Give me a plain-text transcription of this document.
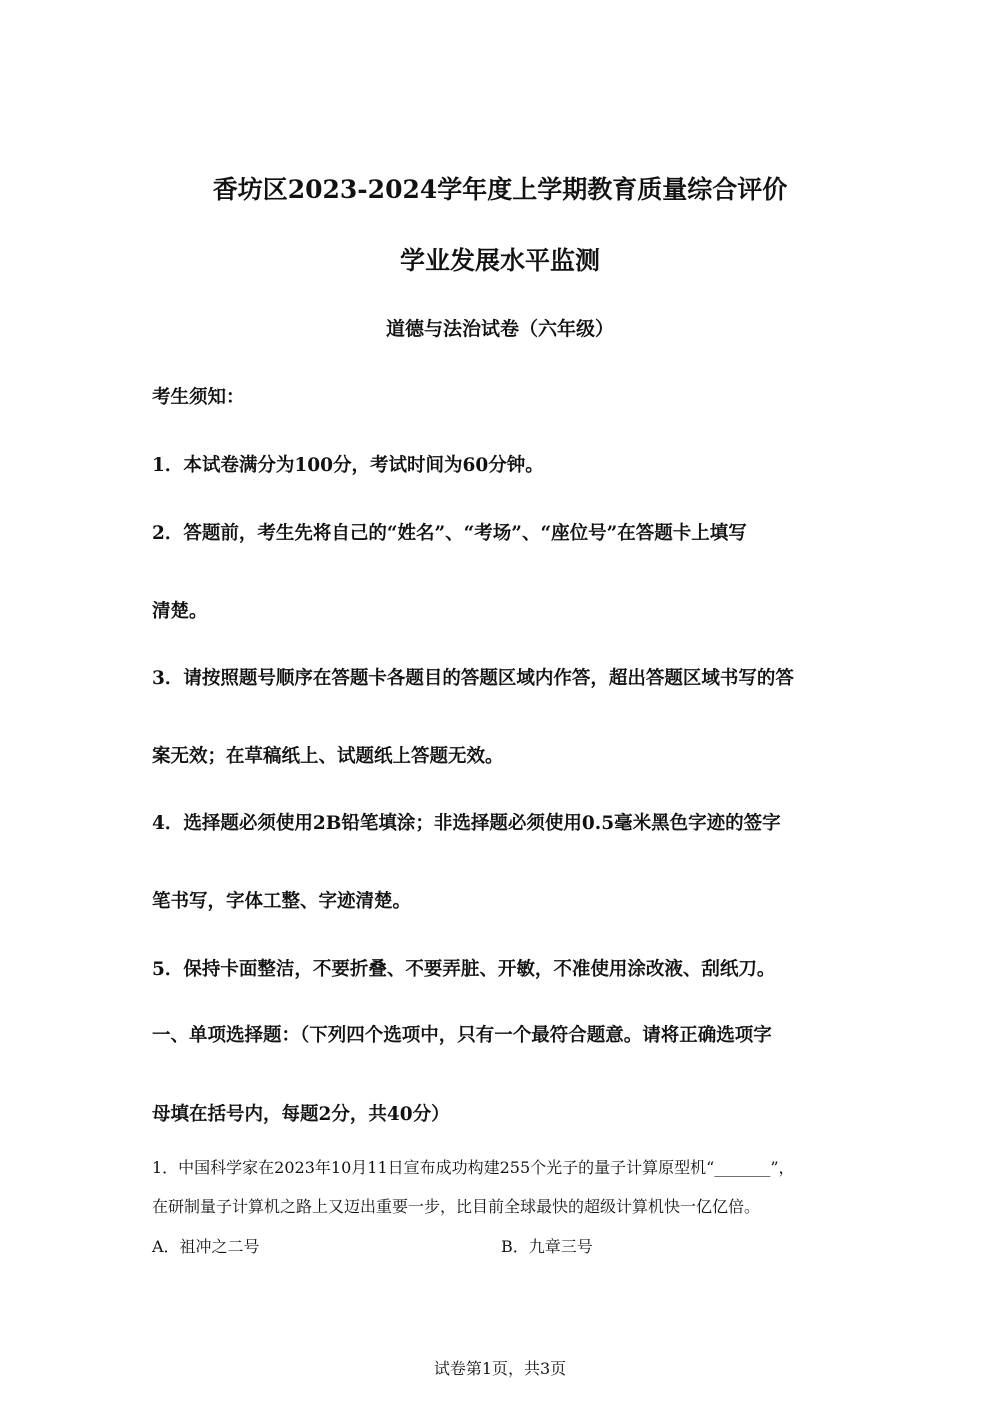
香坊区2023-2024学年度上学期教育质量综合评价
学业发展水平监测
道德与法治试卷（六年级）
考生须知：
1．本试卷满分为100分，考试时间为60分钟。
2．答题前，考生先将自己的“姓名”、“考场”、“座位号”在答题卡上填写
清楚。
3．请按照题号顺序在答题卡各题目的答题区域内作答，超出答题区域书写的答
案无效；在草稿纸上、试题纸上答题无效。
4．选择题必须使用2B铅笔填涂；非选择题必须使用0.5毫米黑色字迹的签字
笔书写，字体工整、字迹清楚。
5．保持卡面整洁，不要折叠、不要弄脏、开敏，不准使用涂改液、刮纸刀。
一、单项选择题：（下列四个选项中，只有一个最符合题意。请将正确选项字
母填在括号内，每题2分，共40分）
1．中国科学家在2023年10月11日宣布成功构建255个光子的量子计算原型机“_______”，
在研制量子计算机之路上又迈出重要一步，比目前全球最快的超级计算机快一亿亿倍。
A．祖冲之二号	B．九章三号
试卷第1页，共3页
